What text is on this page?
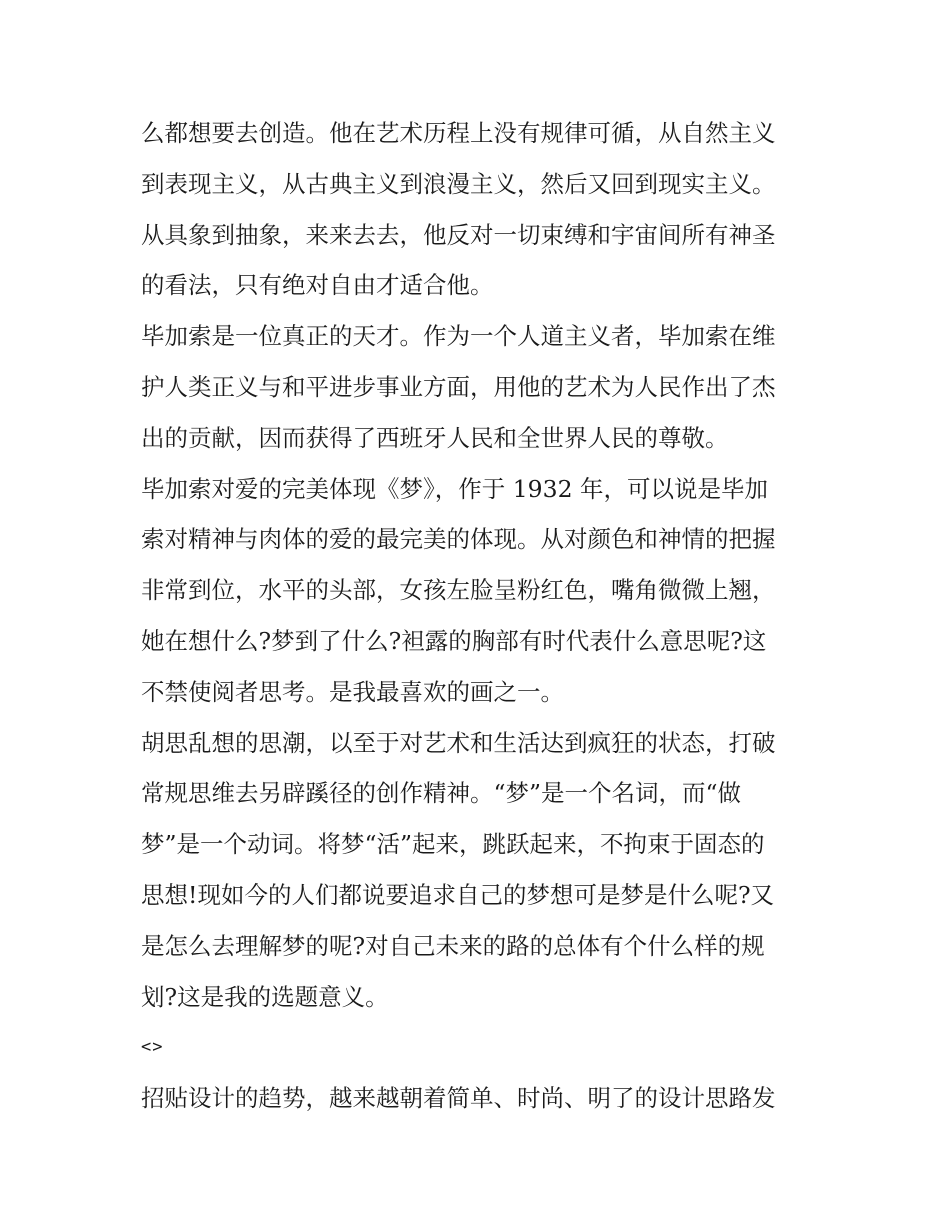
么都想要去创造。他在艺术历程上没有规律可循，从自然主义
到表现主义，从古典主义到浪漫主义，然后又回到现实主义。
从具象到抽象，来来去去，他反对一切束缚和宇宙间所有神圣
的看法，只有绝对自由才适合他。
毕加索是一位真正的天才。作为一个人道主义者，毕加索在维
护人类正义与和平进步事业方面，用他的艺术为人民作出了杰
出的贡献，因而获得了西班牙人民和全世界人民的尊敬。
毕加索对爱的完美体现《梦》，作于 1932 年，可以说是毕加
索对精神与肉体的爱的最完美的体现。从对颜色和神情的把握
非常到位，水平的头部，女孩左脸呈粉红色，嘴角微微上翘，
她在想什么?梦到了什么?袒露的胸部有时代表什么意思呢?这
不禁使阅者思考。是我最喜欢的画之一。
胡思乱想的思潮，以至于对艺术和生活达到疯狂的状态，打破
常规思维去另辟蹊径的创作精神。“梦”是一个名词，而“做
梦”是一个动词。将梦“活”起来，跳跃起来，不拘束于固态的
思想!现如今的人们都说要追求自己的梦想可是梦是什么呢?又
是怎么去理解梦的呢?对自己未来的路的总体有个什么样的规
划?这是我的选题意义。
<>
招贴设计的趋势，越来越朝着简单、时尚、明了的设计思路发
